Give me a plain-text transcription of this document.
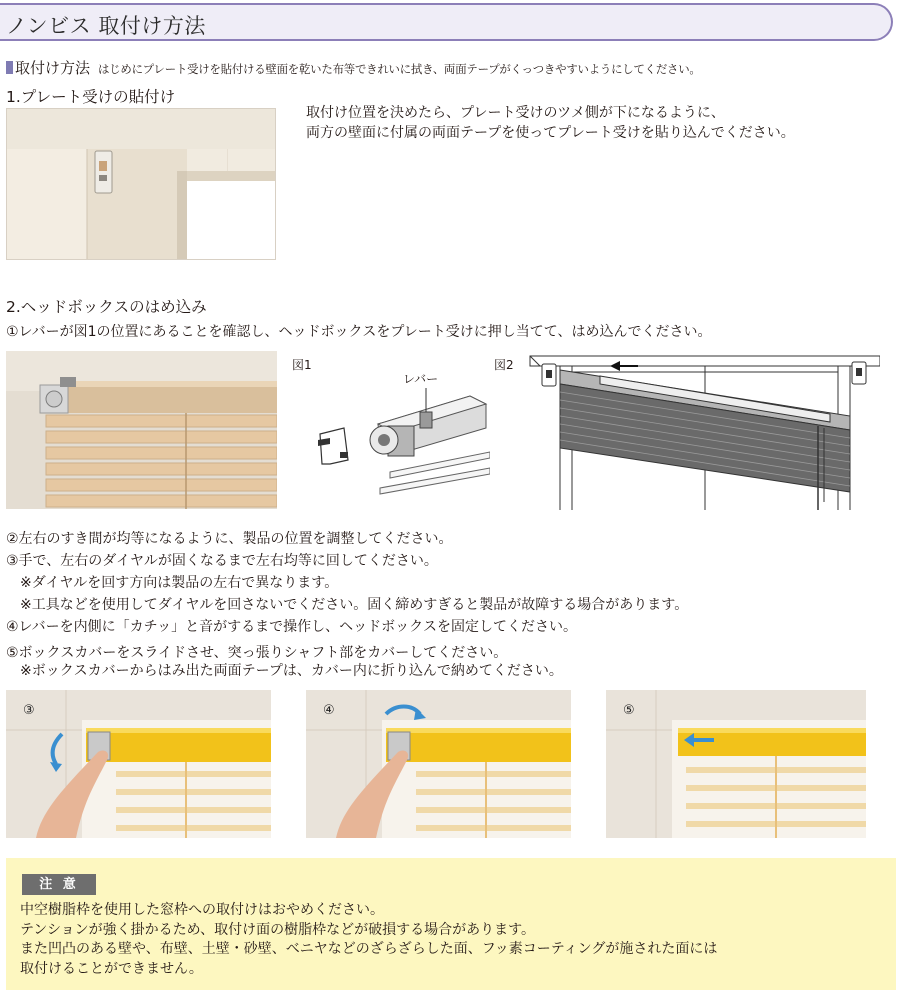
ノンビス 取付け方法
取付け方法 はじめにプレート受けを貼付ける壁面を乾いた布等できれいに拭き、両面テープがくっつきやすいようにしてください。
1.プレート受けの貼付け
取付け位置を決めたら、プレート受けのツメ側が下になるように、
両方の壁面に付属の両面テープを使ってプレート受けを貼り込んでください。
2.ヘッドボックスのはめ込み
①レバーが図1の位置にあることを確認し、ヘッドボックスをプレート受けに押し当てて、はめ込んでください。
図1
レバー
図2
②左右のすき間が均等になるように、製品の位置を調整してください。
③手で、左右のダイヤルが固くなるまで左右均等に回してください。
※ダイヤルを回す方向は製品の左右で異なります。
※工具などを使用してダイヤルを回さないでください。固く締めすぎると製品が故障する場合があります。
④レバーを内側に「カチッ」と音がするまで操作し、ヘッドボックスを固定してください。
⑤ボックスカバーをスライドさせ、突っ張りシャフト部をカバーしてください。
※ボックスカバーからはみ出た両面テープは、カバー内に折り込んで納めてください。
③	④	⑤
注 意
中空樹脂枠を使用した窓枠への取付けはおやめください。
テンションが強く掛かるため、取付け面の樹脂枠などが破損する場合があります。
また凹凸のある壁や、布壁、土壁・砂壁、ベニヤなどのざらざらした面、フッ素コーティングが施された面には
取付けることができません。
